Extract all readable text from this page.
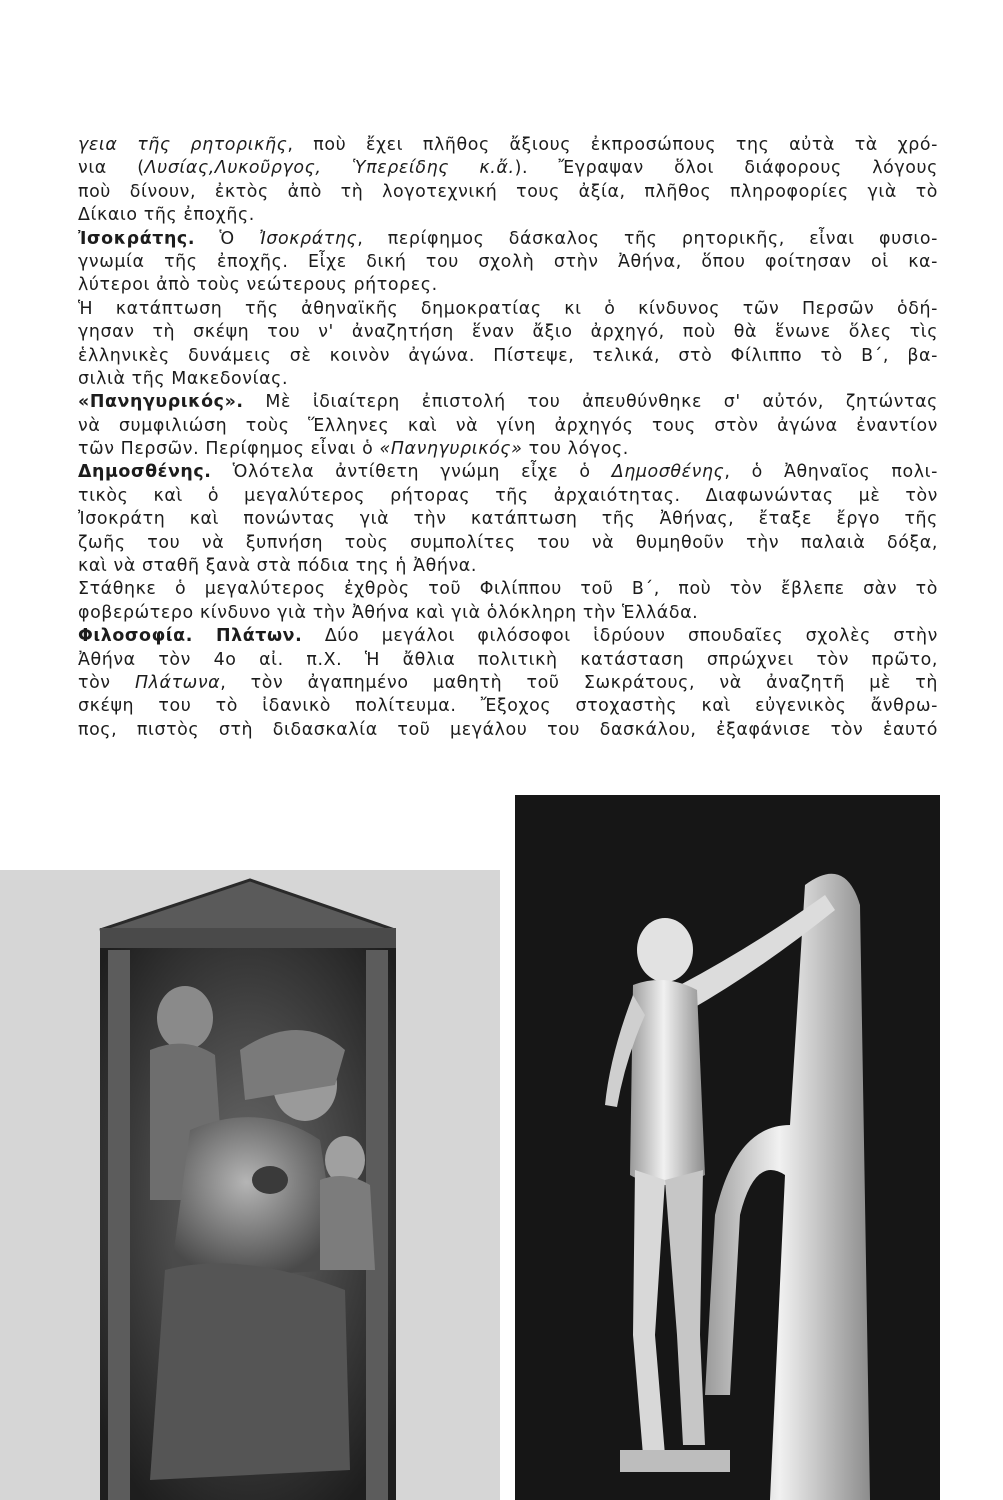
γεια τῆς ρητορικῆς, ποὺ ἔχει πλῆθος ἄξιους ἐκπροσώπους της αὐτὰ τὰ χρό-
νια (Λυσίας,Λυκοῦργος, Ὑπερείδης κ.ἄ.). Ἔγραψαν ὅλοι διάφορους λόγους
ποὺ δίνουν, ἐκτὸς ἀπὸ τὴ λογοτεχνική τους ἀξία, πλῆθος πληροφορίες γιὰ τὸ
Δίκαιο τῆς ἐποχῆς.
Ἰσοκράτης. Ὁ Ἰσοκράτης, περίφημος δάσκαλος τῆς ρητορικῆς, εἶναι φυσιο-
γνωμία τῆς ἐποχῆς. Εἶχε δική του σχολὴ στὴν Ἀθήνα, ὅπου φοίτησαν οἱ κα-
λύτεροι ἀπὸ τοὺς νεώτερους ρήτορες.
Ἡ κατάπτωση τῆς ἀθηναϊκῆς δημοκρατίας κι ὁ κίνδυνος τῶν Περσῶν ὁδή-
γησαν τὴ σκέψη του ν' ἀναζητήση ἕναν ἄξιο ἀρχηγό, ποὺ θὰ ἕνωνε ὅλες τὶς
ἑλληνικὲς δυνάμεις σὲ κοινὸν ἀγώνα. Πίστεψε, τελικά, στὸ Φίλιππο τὸ Β΄, βα-
σιλιὰ τῆς Μακεδονίας.
«Πανηγυρικός». Μὲ ἰδιαίτερη ἐπιστολή του ἀπευθύνθηκε σ' αὐτόν, ζητώντας
νὰ συμφιλιώση τοὺς Ἕλληνες καὶ νὰ γίνη ἀρχηγός τους στὸν ἀγώνα ἐναντίον
τῶν Περσῶν. Περίφημος εἶναι ὁ «Πανηγυρικός» του λόγος.
Δημοσθένης. Ὁλότελα ἀντίθετη γνώμη εἶχε ὁ Δημοσθένης, ὁ Ἀθηναῖος πολι-
τικὸς καὶ ὁ μεγαλύτερος ρήτορας τῆς ἀρχαιότητας. Διαφωνώντας μὲ τὸν
Ἰσοκράτη καὶ πονώντας γιὰ τὴν κατάπτωση τῆς Ἀθήνας, ἔταξε ἔργο τῆς
ζωῆς του νὰ ξυπνήση τοὺς συμπολίτες του νὰ θυμηθοῦν τὴν παλαιὰ δόξα,
καὶ νὰ σταθῆ ξανὰ στὰ πόδια της ἡ Ἀθήνα.
Στάθηκε ὁ μεγαλύτερος ἐχθρὸς τοῦ Φιλίππου τοῦ Β΄, ποὺ τὸν ἔβλεπε σὰν τὸ
φοβερώτερο κίνδυνο γιὰ τὴν Ἀθήνα καὶ γιὰ ὁλόκληρη τὴν Ἑλλάδα.
Φιλοσοφία. Πλάτων. Δύο μεγάλοι φιλόσοφοι ἱδρύουν σπουδαῖες σχολὲς στὴν
Ἀθήνα τὸν 4ο αἰ. π.Χ. Ἡ ἄθλια πολιτικὴ κατάσταση σπρώχνει τὸν πρῶτο,
τὸν Πλάτωνα, τὸν ἀγαπημένο μαθητὴ τοῦ Σωκράτους, νὰ ἀναζητῆ μὲ τὴ
σκέψη του τὸ ἰδανικὸ πολίτευμα. Ἔξοχος στοχαστὴς καὶ εὐγενικὸς ἄνθρω-
πος, πιστὸς στὴ διδασκαλία τοῦ μεγάλου του δασκάλου, ἐξαφάνισε τὸν ἑαυτό
